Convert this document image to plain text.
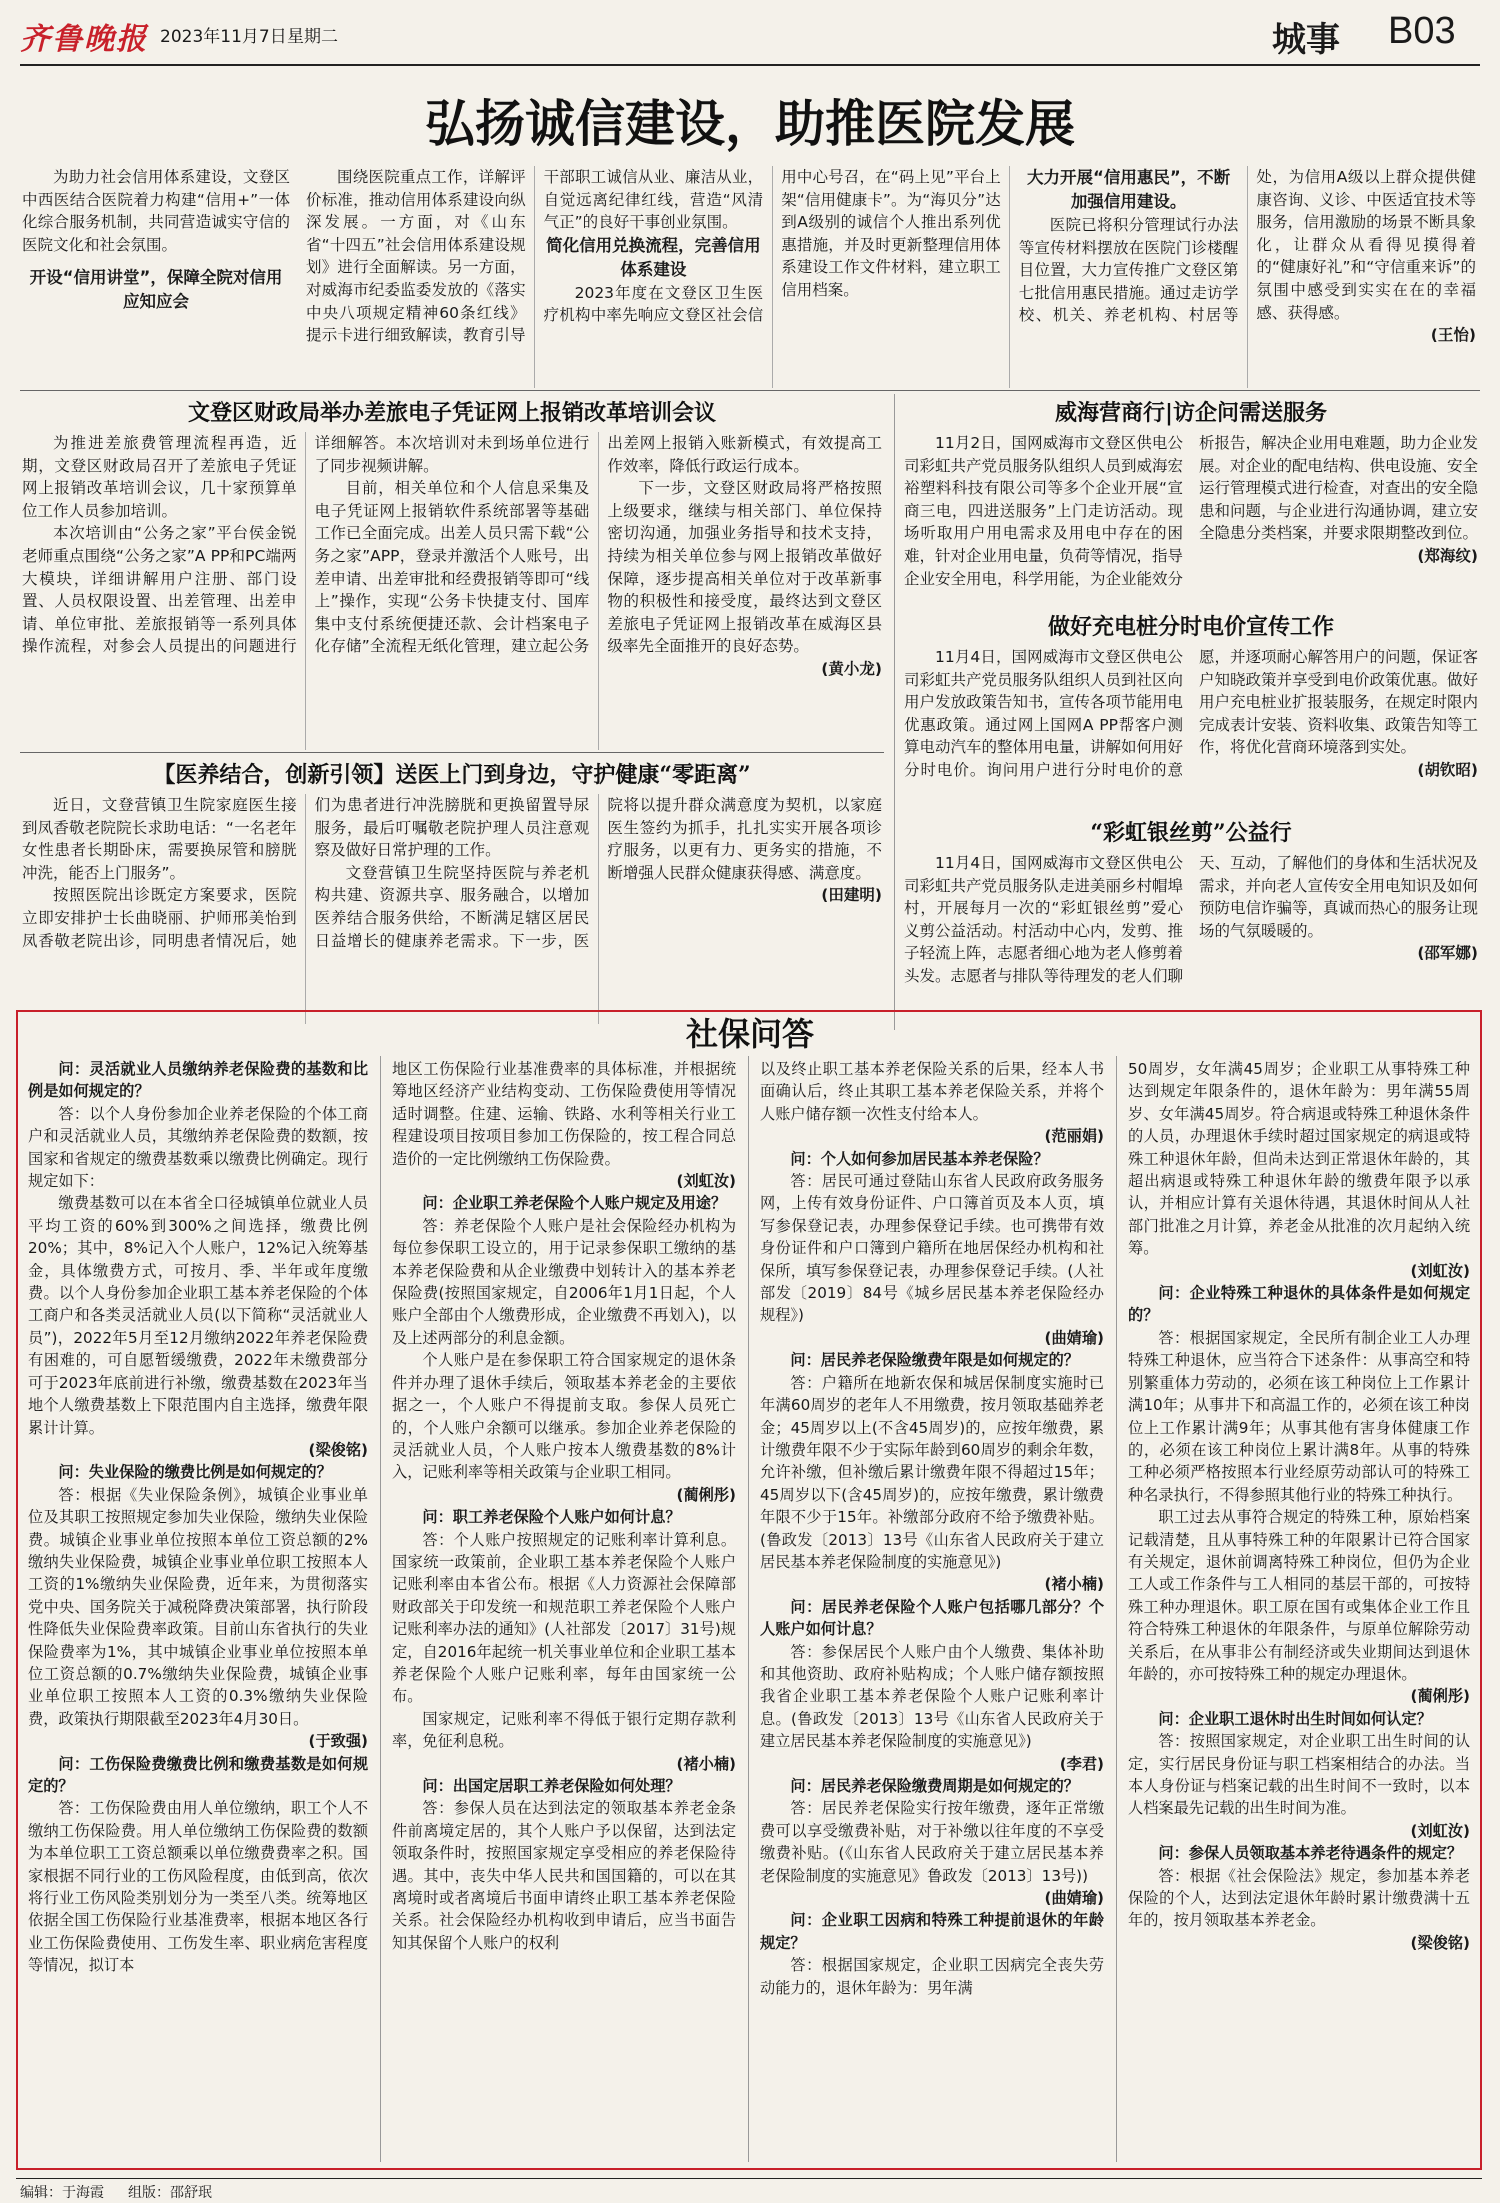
齐鲁晚报 2023年11月7日 星期二	城事 B03
弘扬诚信建设，助推医院发展

为助力社会信用体系建设，文登区中西医结合医院着力构建“信用+”一体化综合服务机制，共同营造诚实守信的医院文化和社会氛围。

开设“信用讲堂”，保障全院对信用应知应会

围绕医院重点工作，详解评价标准，推动信用体系建设向纵深发展。一方面，对《山东省“十四五”社会信用体系建设规划》进行全面解读。另一方面，对威海市纪委监委发放的《落实中央八项规定精神60条红线》提示卡进行细致解读，教育引导干部职工诚信从业、廉洁从业，自觉远离纪律红线，营造“风清气正”的良好干事创业氛围。

简化信用兑换流程，完善信用体系建设

2023年度在文登区卫生医疗机构中率先响应文登区社会信用中心号召，在“码上见”平台上架“信用健康卡”。为“海贝分”达到A级别的诚信个人推出系列优惠措施，并及时更新整理信用体系建设工作文件材料，建立职工信用档案。

大力开展“信用惠民”，不断加强信用建设。

医院已将积分管理试行办法等宣传材料摆放在医院门诊楼醒目位置，大力宣传推广文登区第七批信用惠民措施。通过走访学校、机关、养老机构、村居等处，为信用A级以上群众提供健康咨询、义诊、中医适宜技术等服务，信用激励的场景不断具象化，让群众从看得见摸得着的“健康好礼”和“守信重来诉”的氛围中感受到实实在在的幸福感、获得感。

(王怡)

文登区财政局举办差旅电子凭证网上报销改革培训会议

为推进差旅费管理流程再造，近期，文登区财政局召开了差旅电子凭证网上报销改革培训会议，几十家预算单位工作人员参加培训。

本次培训由“公务之家”平台侯金锐老师重点围绕“公务之家”A PP和PC端两大模块，详细讲解用户注册、部门设置、人员权限设置、出差管理、出差申请、单位审批、差旅报销等一系列具体操作流程，对参会人员提出的问题进行详细解答。本次培训对未到场单位进行了同步视频讲解。

目前，相关单位和个人信息采集及电子凭证网上报销软件系统部署等基础工作已全面完成。出差人员只需下载“公务之家”APP，登录并激活个人账号，出差申请、出差审批和经费报销等即可“线上”操作，实现“公务卡快捷支付、国库集中支付系统便捷还款、会计档案电子化存储”全流程无纸化管理，建立起公务出差网上报销入账新模式，有效提高工作效率，降低行政运行成本。

下一步，文登区财政局将严格按照上级要求，继续与相关部门、单位保持密切沟通，加强业务指导和技术支持，持续为相关单位参与网上报销改革做好保障，逐步提高相关单位对于改革新事物的积极性和接受度，最终达到文登区差旅电子凭证网上报销改革在威海区县级率先全面推开的良好态势。

(黄小龙)

【医养结合，创新引领】送医上门到身边，守护健康“零距离”

近日，文登营镇卫生院家庭医生接到凤香敬老院院长求助电话：“一名老年女性患者长期卧床，需要换尿管和膀胱冲洗，能否上门服务”。

按照医院出诊既定方案要求，医院立即安排护士长曲晓丽、护师邢美怡到凤香敬老院出诊，同明患者情况后，她们为患者进行冲洗膀胱和更换留置导尿服务，最后叮嘱敬老院护理人员注意观察及做好日常护理的工作。

文登营镇卫生院坚持医院与养老机构共建、资源共享、服务融合，以增加医养结合服务供给，不断满足辖区居民日益增长的健康养老需求。下一步，医院将以提升群众满意度为契机，以家庭医生签约为抓手，扎扎实实开展各项诊疗服务，以更有力、更务实的措施，不断增强人民群众健康获得感、满意度。

(田建明)

威海营商行|访企问需送服务

11月2日，国网威海市文登区供电公司彩虹共产党员服务队组织人员到威海宏裕塑料科技有限公司等多个企业开展“宣商三电，四进送服务”上门走访活动。现场听取用户用电需求及用电中存在的困难，针对企业用电量，负荷等情况，指导企业安全用电，科学用能，为企业能效分析报告，解决企业用电难题，助力企业发展。对企业的配电结构、供电设施、安全运行管理模式进行检查，对查出的安全隐患和问题，与企业进行沟通协调，建立安全隐患分类档案，并要求限期整改到位。

(郑海纹)

做好充电桩分时电价宣传工作

11月4日，国网威海市文登区供电公司彩虹共产党员服务队组织人员到社区向用户发放政策告知书，宣传各项节能用电优惠政策。通过网上国网A PP帮客户测算电动汽车的整体用电量，讲解如何用好分时电价。询问用户进行分时电价的意愿，并逐项耐心解答用户的问题，保证客户知晓政策并享受到电价政策优惠。做好用户充电桩业扩报装服务，在规定时限内完成表计安装、资料收集、政策告知等工作，将优化营商环境落到实处。

(胡钦昭)

“彩虹银丝剪”公益行

11月4日，国网威海市文登区供电公司彩虹共产党员服务队走进美丽乡村帽埠村，开展每月一次的“彩虹银丝剪”爱心义剪公益活动。村活动中心内，发剪、推子轻流上阵，志愿者细心地为老人修剪着头发。志愿者与排队等待理发的老人们聊天、互动，了解他们的身体和生活状况及需求，并向老人宣传安全用电知识及如何预防电信诈骗等，真诚而热心的服务让现场的气氛暖暖的。

(邵军娜)

社保问答

问：灵活就业人员缴纳养老保险费的基数和比例是如何规定的？

答：以个人身份参加企业养老保险的个体工商户和灵活就业人员，其缴纳养老保险费的数额，按国家和省规定的缴费基数乘以缴费比例确定。现行规定如下：

缴费基数可以在本省全口径城镇单位就业人员平均工资的60%到300%之间选择，缴费比例20%；其中，8%记入个人账户，12%记入统筹基金，具体缴费方式，可按月、季、半年或年度缴费。以个人身份参加企业职工基本养老保险的个体工商户和各类灵活就业人员(以下简称“灵活就业人员”)，2022年5月至12月缴纳2022年养老保险费有困难的，可自愿暂缓缴费，2022年未缴费部分可于2023年底前进行补缴，缴费基数在2023年当地个人缴费基数上下限范围内自主选择，缴费年限累计计算。

(梁俊铭)

问：失业保险的缴费比例是如何规定的？

答：根据《失业保险条例》，城镇企业事业单位及其职工按照规定参加失业保险，缴纳失业保险费。城镇企业事业单位按照本单位工资总额的2%缴纳失业保险费，城镇企业事业单位职工按照本人工资的1%缴纳失业保险费，近年来，为贯彻落实党中央、国务院关于减税降费决策部署，执行阶段性降低失业保险费率政策。目前山东省执行的失业保险费率为1%，其中城镇企业事业单位按照本单位工资总额的0.7%缴纳失业保险费，城镇企业事业单位职工按照本人工资的0.3%缴纳失业保险费，政策执行期限截至2023年4月30日。

(于致强)

问：工伤保险费缴费比例和缴费基数是如何规定的？

答：工伤保险费由用人单位缴纳，职工个人不缴纳工伤保险费。用人单位缴纳工伤保险费的数额为本单位职工工资总额乘以单位缴费费率之积。国家根据不同行业的工伤风险程度，由低到高，依次将行业工伤风险类别划分为一类至八类。统筹地区依据全国工伤保险行业基准费率，根据本地区各行业工伤保险费使用、工伤发生率、职业病危害程度等情况，拟订本

地区工伤保险行业基准费率的具体标准，并根据统筹地区经济产业结构变动、工伤保险费使用等情况适时调整。住建、运输、铁路、水利等相关行业工程建设项目按项目参加工伤保险的，按工程合同总造价的一定比例缴纳工伤保险费。

(刘虹汝)

问：企业职工养老保险个人账户规定及用途？

答：养老保险个人账户是社会保险经办机构为每位参保职工设立的，用于记录参保职工缴纳的基本养老保险费和从企业缴费中划转计入的基本养老保险费(按照国家规定，自2006年1月1日起，个人账户全部由个人缴费形成，企业缴费不再划入)，以及上述两部分的利息金额。

个人账户是在参保职工符合国家规定的退休条件并办理了退休手续后，领取基本养老金的主要依据之一，个人账户不得提前支取。参保人员死亡的，个人账户余额可以继承。参加企业养老保险的灵活就业人员，个人账户按本人缴费基数的8%计入，记账利率等相关政策与企业职工相同。

(蔺俐彤)

问：职工养老保险个人账户如何计息？

答：个人账户按照规定的记账利率计算利息。国家统一政策前，企业职工基本养老保险个人账户记账利率由本省公布。根据《人力资源社会保障部财政部关于印发统一和规范职工养老保险个人账户记账利率办法的通知》(人社部发〔2017〕31号)规定，自2016年起统一机关事业单位和企业职工基本养老保险个人账户记账利率，每年由国家统一公布。

国家规定，记账利率不得低于银行定期存款利率，免征利息税。

(褚小楠)

问：出国定居职工养老保险如何处理？

答：参保人员在达到法定的领取基本养老金条件前离境定居的，其个人账户予以保留，达到法定领取条件时，按照国家规定享受相应的养老保险待遇。其中，丧失中华人民共和国国籍的，可以在其离境时或者离境后书面申请终止职工基本养老保险关系。社会保险经办机构收到申请后，应当书面告知其保留个人账户的权利

以及终止职工基本养老保险关系的后果，经本人书面确认后，终止其职工基本养老保险关系，并将个人账户储存额一次性支付给本人。

(范丽娟)

问：个人如何参加居民基本养老保险？

答：居民可通过登陆山东省人民政府政务服务网，上传有效身份证件、户口簿首页及本人页，填写参保登记表，办理参保登记手续。也可携带有效身份证件和户口簿到户籍所在地居保经办机构和社保所，填写参保登记表，办理参保登记手续。(人社部发〔2019〕84号《城乡居民基本养老保险经办规程》)

(曲婧瑜)

问：居民养老保险缴费年限是如何规定的？

答：户籍所在地新农保和城居保制度实施时已年满60周岁的老年人不用缴费，按月领取基础养老金；45周岁以上(不含45周岁)的，应按年缴费，累计缴费年限不少于实际年龄到60周岁的剩余年数，允许补缴，但补缴后累计缴费年限不得超过15年；45周岁以下(含45周岁)的，应按年缴费，累计缴费年限不少于15年。补缴部分政府不给予缴费补贴。(鲁政发〔2013〕13号《山东省人民政府关于建立居民基本养老保险制度的实施意见》)

(褚小楠)

问：居民养老保险个人账户包括哪几部分？个人账户如何计息？

答：参保居民个人账户由个人缴费、集体补助和其他资助、政府补贴构成；个人账户储存额按照我省企业职工基本养老保险个人账户记账利率计息。(鲁政发〔2013〕13号《山东省人民政府关于建立居民基本养老保险制度的实施意见》)

(李君)

问：居民养老保险缴费周期是如何规定的？

答：居民养老保险实行按年缴费，逐年正常缴费可以享受缴费补贴，对于补缴以往年度的不享受缴费补贴。(《山东省人民政府关于建立居民基本养老保险制度的实施意见》鲁政发〔2013〕13号))

(曲婧瑜)

问：企业职工因病和特殊工种提前退休的年龄规定？

答：根据国家规定，企业职工因病完全丧失劳动能力的，退休年龄为：男年满

50周岁，女年满45周岁；企业职工从事特殊工种达到规定年限条件的，退休年龄为：男年满55周岁、女年满45周岁。符合病退或特殊工种退休条件的人员，办理退休手续时超过国家规定的病退或特殊工种退休年龄，但尚未达到正常退休年龄的，其超出病退或特殊工种退休年龄的缴费年限予以承认，并相应计算有关退休待遇，其退休时间从人社部门批准之月计算，养老金从批准的次月起纳入统筹。

(刘虹汝)

问：企业特殊工种退休的具体条件是如何规定的？

答：根据国家规定，全民所有制企业工人办理特殊工种退休，应当符合下述条件：从事高空和特别繁重体力劳动的，必须在该工种岗位上工作累计满10年；从事井下和高温工作的，必须在该工种岗位上工作累计满9年；从事其他有害身体健康工作的，必须在该工种岗位上累计满8年。从事的特殊工种必须严格按照本行业经原劳动部认可的特殊工种名录执行，不得参照其他行业的特殊工种执行。

职工过去从事符合规定的特殊工种，原始档案记载清楚，且从事特殊工种的年限累计已符合国家有关规定，退休前调离特殊工种岗位，但仍为企业工人或工作条件与工人相同的基层干部的，可按特殊工种办理退休。职工原在国有或集体企业工作且符合特殊工种退休的年限条件，与原单位解除劳动关系后，在从事非公有制经济或失业期间达到退休年龄的，亦可按特殊工种的规定办理退休。

(蔺俐彤)

问：企业职工退休时出生时间如何认定？

答：按照国家规定，对企业职工出生时间的认定，实行居民身份证与职工档案相结合的办法。当本人身份证与档案记载的出生时间不一致时，以本人档案最先记载的出生时间为准。

(刘虹汝)

问：参保人员领取基本养老待遇条件的规定？

答：根据《社会保险法》规定，参加基本养老保险的个人，达到法定退休年龄时累计缴费满十五年的，按月领取基本养老金。

(梁俊铭)

编辑：于海霞 组版：邵舒珉
